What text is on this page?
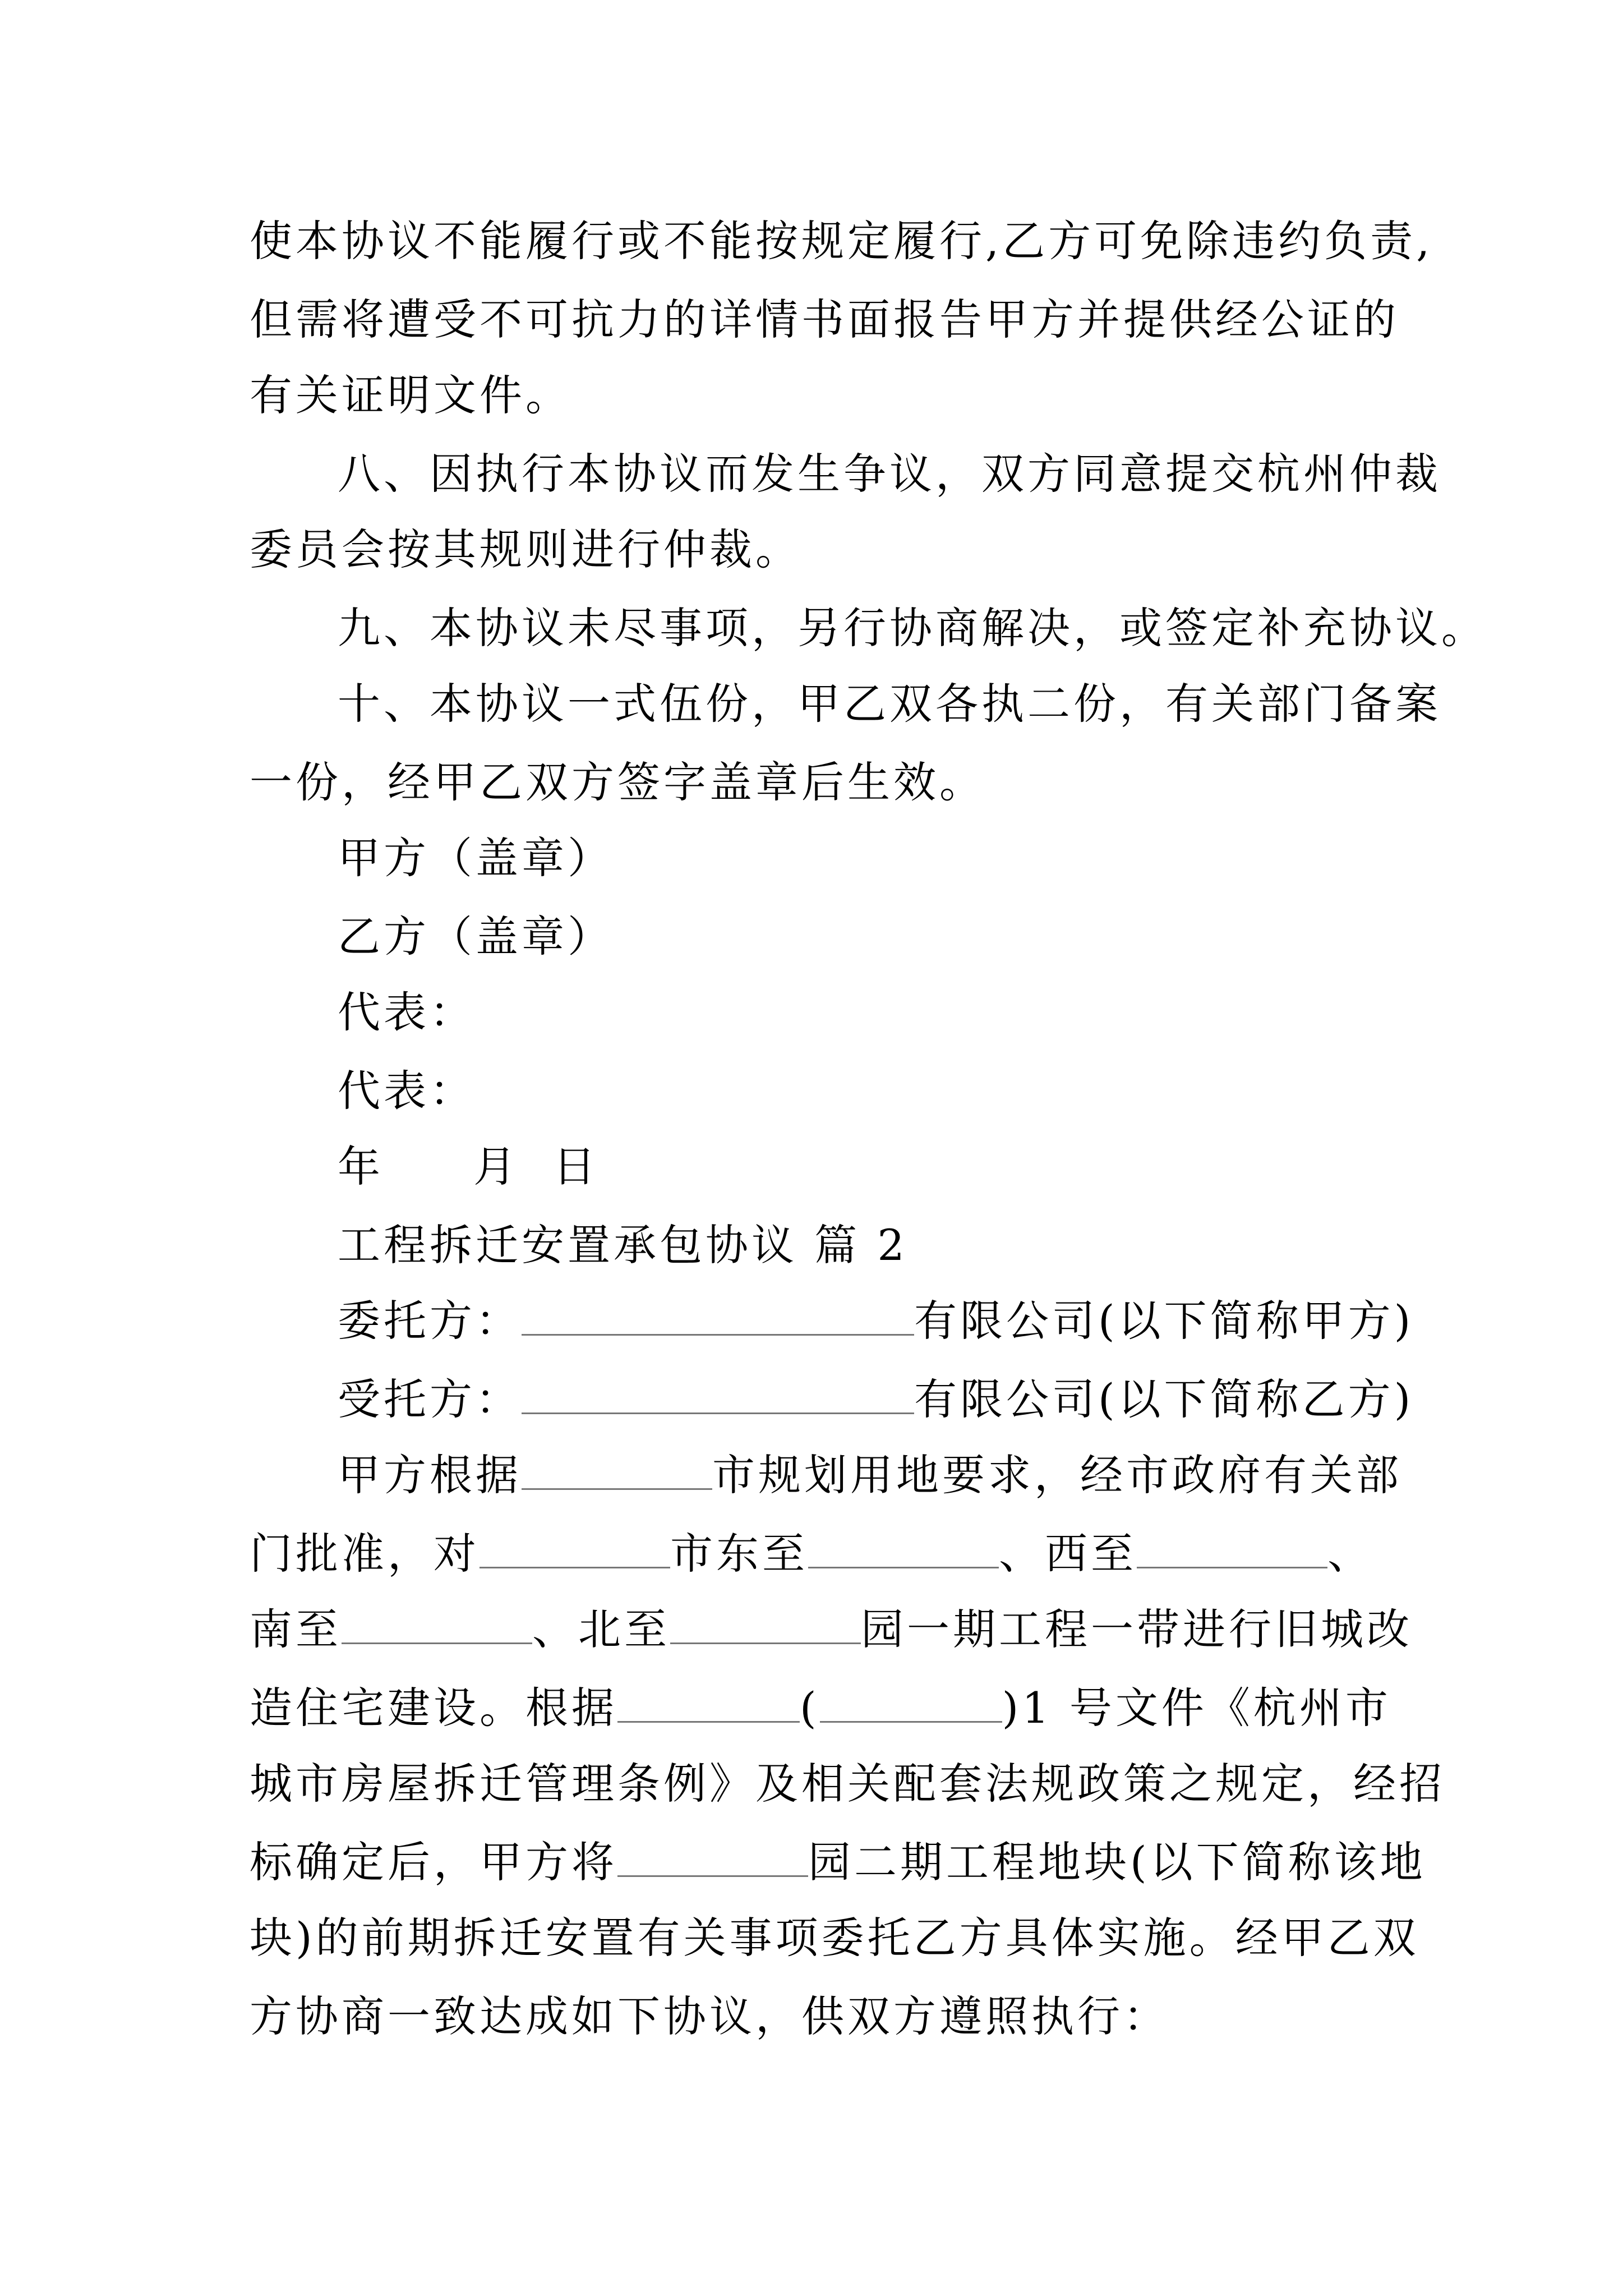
使本协议不能履行或不能按规定履行,乙方可免除违约负责,
但需将遭受不可抗力的详情书面报告甲方并提供经公证的
有关证明文件。
八、因执行本协议而发生争议，双方同意提交杭州仲裁
委员会按其规则进行仲裁。
九、本协议未尽事项，另行协商解决，或签定补充协议。
十、本协议一式伍份，甲乙双各执二份，有关部门备案
一份，经甲乙双方签字盖章后生效。
甲方（盖章）
乙方（盖章）
代表：
代表：
年 月 日
工程拆迁安置承包协议 篇 2
委托方：	有限公司(以下简称甲方)
受托方：	有限公司(以下简称乙方)
甲方根据	市规划用地要求，经市政府有关部
门批准，对	市东至	、西至	、
南至	、北至	园一期工程一带进行旧城改
造住宅建设。根据	(	)1 号文件《杭州市
城市房屋拆迁管理条例》及相关配套法规政策之规定，经招
标确定后，甲方将	园二期工程地块(以下简称该地
块)的前期拆迁安置有关事项委托乙方具体实施。经甲乙双
方协商一致达成如下协议，供双方遵照执行：
